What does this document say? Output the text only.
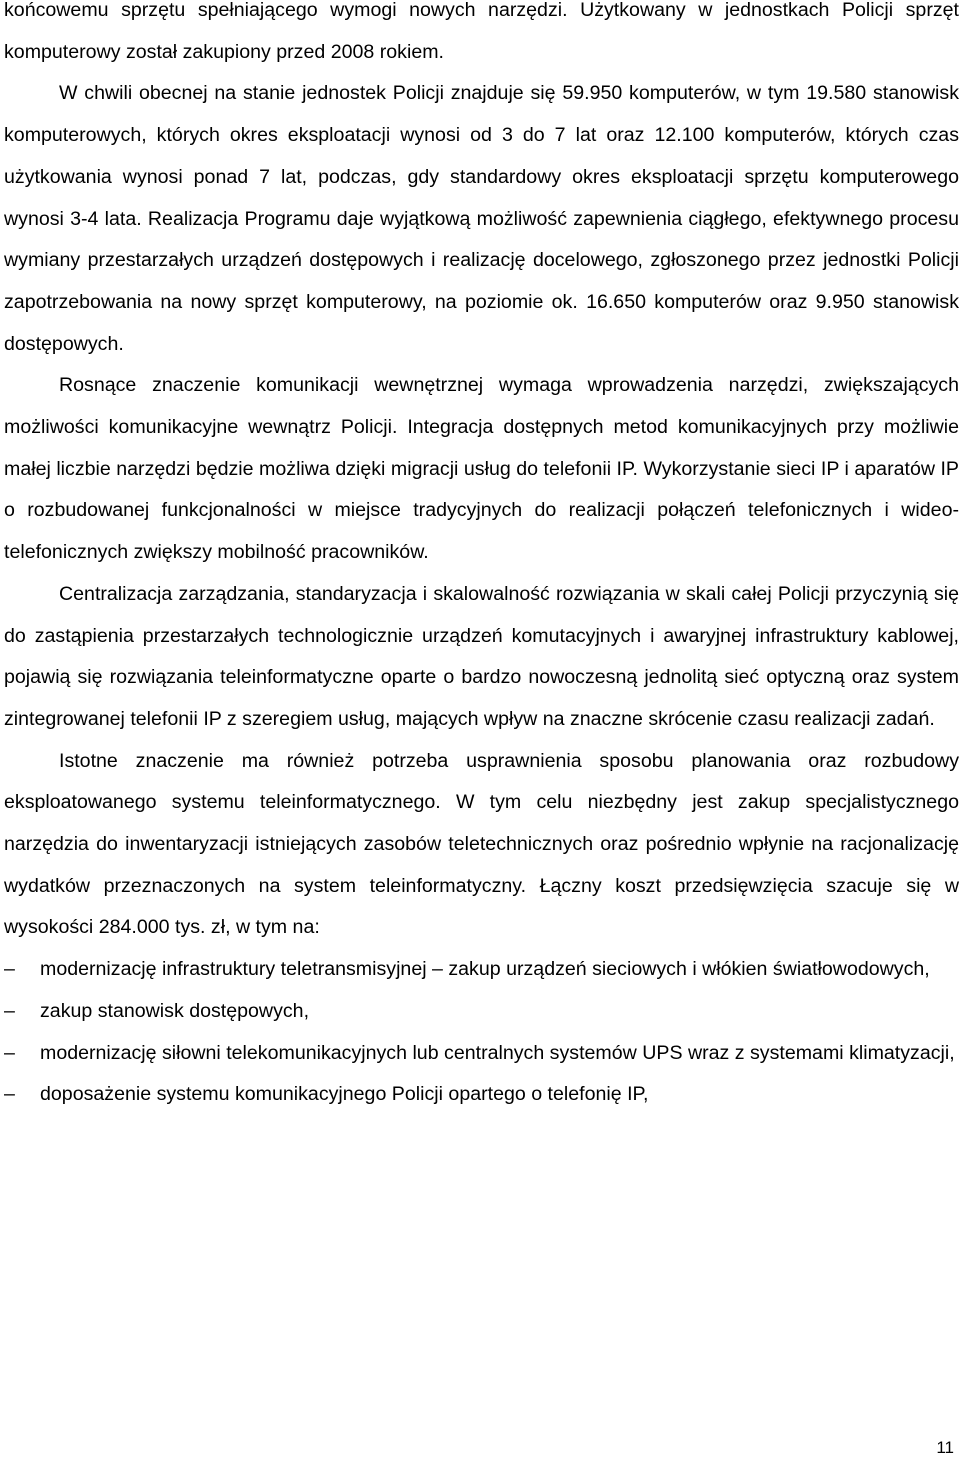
końcowemu sprzętu spełniającego wymogi nowych narzędzi. Użytkowany w jednostkach Policji sprzęt komputerowy został zakupiony przed 2008 rokiem.

W chwili obecnej na stanie jednostek Policji znajduje się 59.950 komputerów, w tym 19.580 stanowisk komputerowych, których okres eksploatacji wynosi od 3 do 7 lat oraz 12.100 komputerów, których czas użytkowania wynosi ponad 7 lat, podczas, gdy standardowy okres eksploatacji sprzętu komputerowego wynosi 3-4 lata. Realizacja Programu daje wyjątkową możliwość zapewnienia ciągłego, efektywnego procesu wymiany przestarzałych urządzeń dostępowych i realizację docelowego, zgłoszonego przez jednostki Policji zapotrzebowania na nowy sprzęt komputerowy, na poziomie ok. 16.650 komputerów oraz 9.950 stanowisk dostępowych.

Rosnące znaczenie komunikacji wewnętrznej wymaga wprowadzenia narzędzi, zwiększających możliwości komunikacyjne wewnątrz Policji. Integracja dostępnych metod komunikacyjnych przy możliwie małej liczbie narzędzi będzie możliwa dzięki migracji usług do telefonii IP. Wykorzystanie sieci IP i aparatów IP o rozbudowanej funkcjonalności w miejsce tradycyjnych do realizacji połączeń telefonicznych i wideo-telefonicznych zwiększy mobilność pracowników.

Centralizacja zarządzania, standaryzacja i skalowalność rozwiązania w skali całej Policji przyczynią się do zastąpienia przestarzałych technologicznie urządzeń komutacyjnych i awaryjnej infrastruktury kablowej, pojawią się rozwiązania teleinformatyczne oparte o bardzo nowoczesną jednolitą sieć optyczną oraz system zintegrowanej telefonii IP z szeregiem usług, mających wpływ na znaczne skrócenie czasu realizacji zadań.

Istotne znaczenie ma również potrzeba usprawnienia sposobu planowania oraz rozbudowy eksploatowanego systemu teleinformatycznego. W tym celu niezbędny jest zakup specjalistycznego narzędzia do inwentaryzacji istniejących zasobów teletechnicznych oraz pośrednio wpłynie na racjonalizację wydatków przeznaczonych na system teleinformatyczny. Łączny koszt przedsięwzięcia szacuje się w wysokości 284.000 tys. zł, w tym na:

– modernizację infrastruktury teletransmisyjnej – zakup urządzeń sieciowych i włókien światłowodowych,
– zakup stanowisk dostępowych,
– modernizację siłowni telekomunikacyjnych lub centralnych systemów UPS wraz z systemami klimatyzacji,
– doposażenie systemu komunikacyjnego Policji opartego o telefonię IP,
11
